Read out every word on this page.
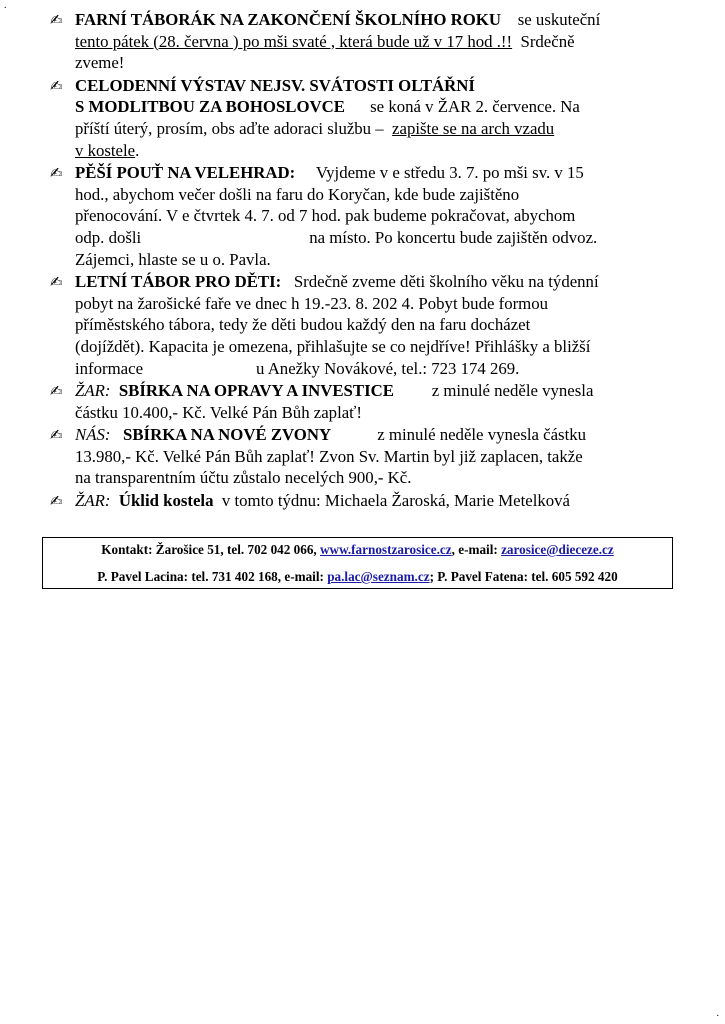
.
✍ FARNÍ TÁBORÁK NA ZAKONČENÍ ŠKOLNÍHO ROKU se uskuteční
tento pátek (28. června ) po mši svaté , která bude už v 17 hod .!! Srdečně
zveme!
✍ CELODENNÍ VÝSTAV NEJSV. SVÁTOSTI OLTÁŘNÍ
S MODLITBOU ZA BOHOSLOVCE se koná v ŽAR 2. července. Na
příští úterý, prosím, obs aďte adoraci službu – zapište se na arch vzadu
v kostele.
✍ PĚŠÍ POUŤ NA VELEHRAD: Vyjdeme v e středu 3. 7. po mši sv. v 15
hod., abychom večer došli na faru do Koryčan, kde bude zajištěno
přenocování. V e čtvrtek 4. 7. od 7 hod. pak budeme pokračovat, abychom
odp. došli	na místo. Po koncertu bude zajištěn odvoz.
Zájemci, hlaste se u o. Pavla.
✍ LETNÍ TÁBOR PRO DĚTI: Srdečně zveme děti školního věku na týdenní
pobyt na žarošické faře ve dnec h 19.-23. 8. 202 4. Pobyt bude formou
příměstského tábora, tedy že děti budou každý den na faru docházet
(dojíždět). Kapacita je omezena, přihlašujte se co nejdříve! Přihlášky a bližší
informace	u Anežky Novákové, tel.: 723 174 269.
✍ ŽAR: SBÍRKA NA OPRAVY A INVESTICE z minulé neděle vynesla
částku 10.400,- Kč. Velké Pán Bůh zaplať!
✍ NÁS: SBÍRKA NA NOVÉ ZVONY	z minulé neděle vynesla částku
13.980,- Kč. Velké Pán Bůh zaplať! Zvon Sv. Martin byl již zaplacen, takže
na transparentním účtu zůstalo necelých 900,- Kč.
✍ ŽAR: Úklid kostela v tomto týdnu: Michaela Žaroská, Marie Metelková
Kontakt: Žarošice 51, tel. 702 042 066, www.farnostzarosice.cz, e-mail: zarosice@dieceze.cz
P. Pavel Lacina: tel. 731 402 168, e-mail: pa.lac@seznam.cz; P. Pavel Fatena: tel. 605 592 420
.
